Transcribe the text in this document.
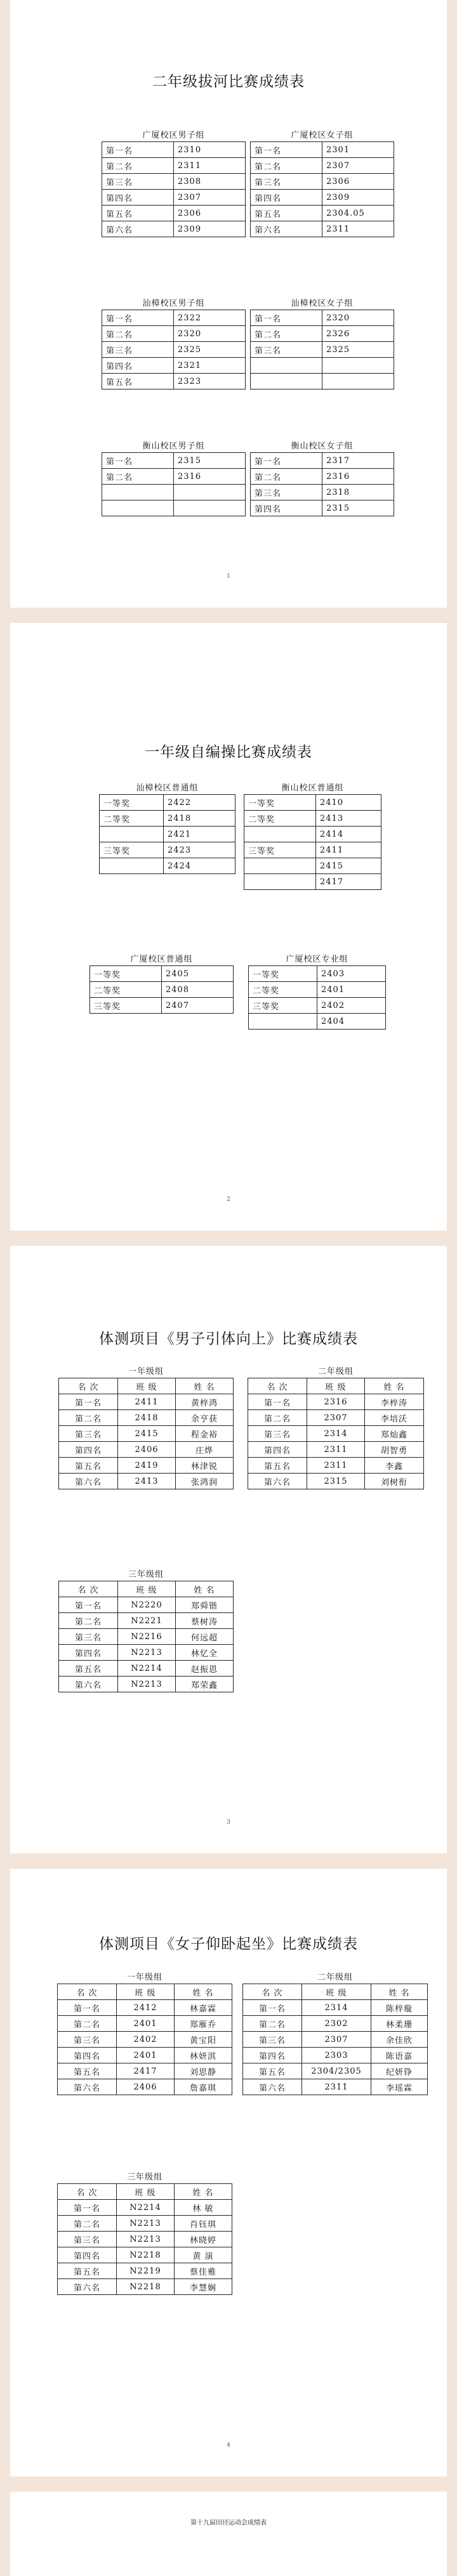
二年级拔河比赛成绩表
广厦校区男子组
第一名	2310
第二名	2311
第三名	2308
第四名	2307
第五名	2306
第六名	2309
广厦校区女子组
第一名	2301
第二名	2307
第三名	2306
第四名	2309
第五名	2304.05
第六名	2311
汕樟校区男子组
第一名	2322
第二名	2320
第三名	2325
第四名	2321
第五名	2323
汕樟校区女子组
第一名	2320
第二名	2326
第三名	2325

衡山校区男子组
第一名	2315
第二名	2316

衡山校区女子组
第一名	2317
第二名	2316
第三名	2318
第四名	2315
1
一年级自编操比赛成绩表
汕樟校区普通组
一等奖	2422
二等奖	2418
	2421
三等奖	2423
	2424
衡山校区普通组
一等奖	2410
二等奖	2413
	2414
三等奖	2411
	2415
	2417
广厦校区普通组
一等奖	2405
二等奖	2408
三等奖	2407
广厦校区专业组
一等奖	2403
二等奖	2401
三等奖	2402
	2404
2
体测项目《男子引体向上》比赛成绩表
一年级组
名 次	班 级	姓 名
第一名	2411	黄梓鸿
第二名	2418	余亨获
第三名	2415	程金裕
第四名	2406	庄烨
第五名	2419	林津锐
第六名	2413	张鸿润
二年级组
名 次	班 级	姓 名
第一名	2316	李梓涛
第二名	2307	李培沃
第三名	2314	郑灿鑫
第四名	2311	胡智勇
第五名	2311	李鑫
第六名	2315	刘树衔
三年级组
名 次	班 级	姓 名
第一名	N2220	郑舜锴
第二名	N2221	蔡树涛
第三名	N2216	何远超
第四名	N2213	林忆全
第五名	N2214	赵振恩
第六名	N2213	郑荣鑫
3
体测项目《女子仰卧起坐》比赛成绩表
一年级组
名 次	班 级	姓 名
第一名	2412	林嘉霖
第二名	2401	郑雁乔
第三名	2402	黄宝阳
第四名	2401	林妍淇
第五名	2417	刘思静
第六名	2406	詹嘉琪
二年级组
名 次	班 级	姓 名
第一名	2314	陈梓璇
第二名	2302	林柔珊
第三名	2307	余佳欣
第四名	2303	陈语嘉
第五名	2304/2305	纪妍铮
第六名	2311	李瑶霖
三年级组
名 次	班 级	姓 名
第一名	N2214	林 敏
第二名	N2213	肖钰琪
第三名	N2213	林晓婷
第四名	N2218	黄 演
第五名	N2219	蔡佳雅
第六名	N2218	李慧娴
4
第十九届田径运动会成绩表
